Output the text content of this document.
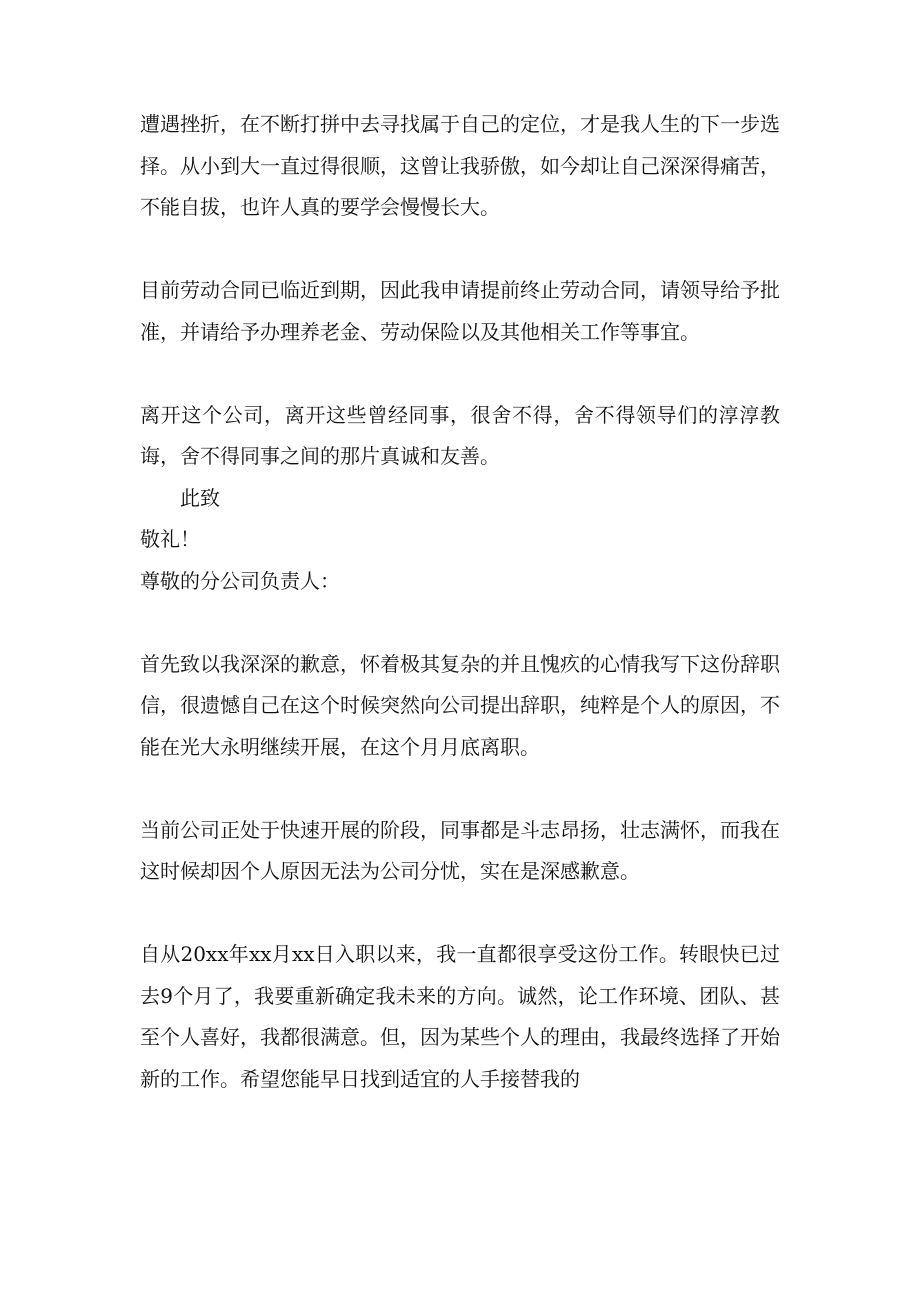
遭遇挫折，在不断打拼中去寻找属于自己的定位，才是我人生的下一步选择。从小到大一直过得很顺，这曾让我骄傲，如今却让自己深深得痛苦，不能自拔，也许人真的要学会慢慢长大。

目前劳动合同已临近到期，因此我申请提前终止劳动合同，请领导给予批准，并请给予办理养老金、劳动保险以及其他相关工作等事宜。

离开这个公司，离开这些曾经同事，很舍不得，舍不得领导们的淳淳教诲，舍不得同事之间的那片真诚和友善。

此致

敬礼！

尊敬的分公司负责人：

首先致以我深深的歉意，怀着极其复杂的并且愧疚的心情我写下这份辞职信，很遗憾自己在这个时候突然向公司提出辞职，纯粹是个人的原因，不能在光大永明继续开展，在这个月月底离职。

当前公司正处于快速开展的阶段，同事都是斗志昂扬，壮志满怀，而我在这时候却因个人原因无法为公司分忧，实在是深感歉意。

自从20xx年xx月xx日入职以来，我一直都很享受这份工作。转眼快已过去9个月了，我要重新确定我未来的方向。诚然，论工作环境、团队、甚至个人喜好，我都很满意。但，因为某些个人的理由，我最终选择了开始新的工作。希望您能早日找到适宜的人手接替我的
